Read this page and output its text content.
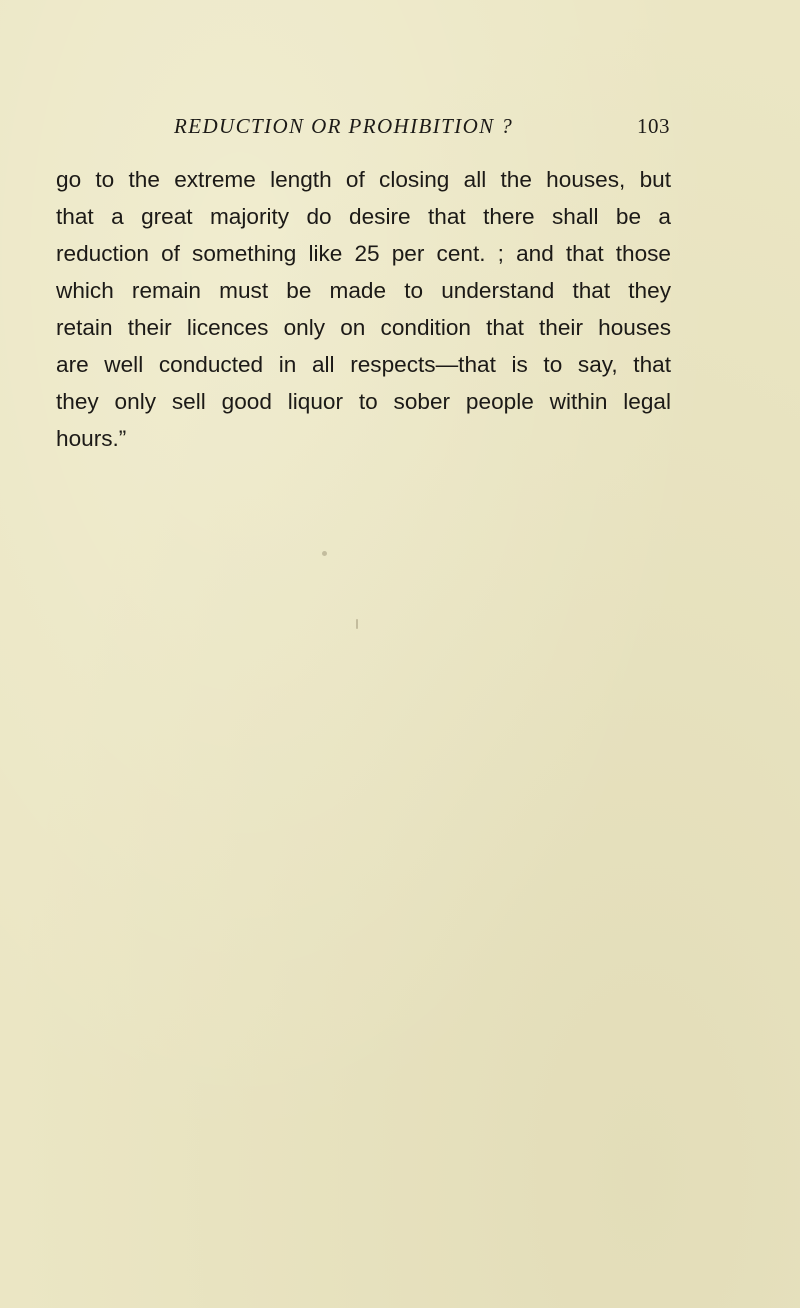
REDUCTION OR PROHIBITION ?	103
go to the extreme length of closing all the houses, but
that a great majority do desire that there shall be a
reduction of something like 25 per cent. ; and that those
which remain must be made to understand that they
retain their licences only on condition that their houses
are well conducted in all respects—that is to say, that
they only sell good liquor to sober people within legal
hours.”
